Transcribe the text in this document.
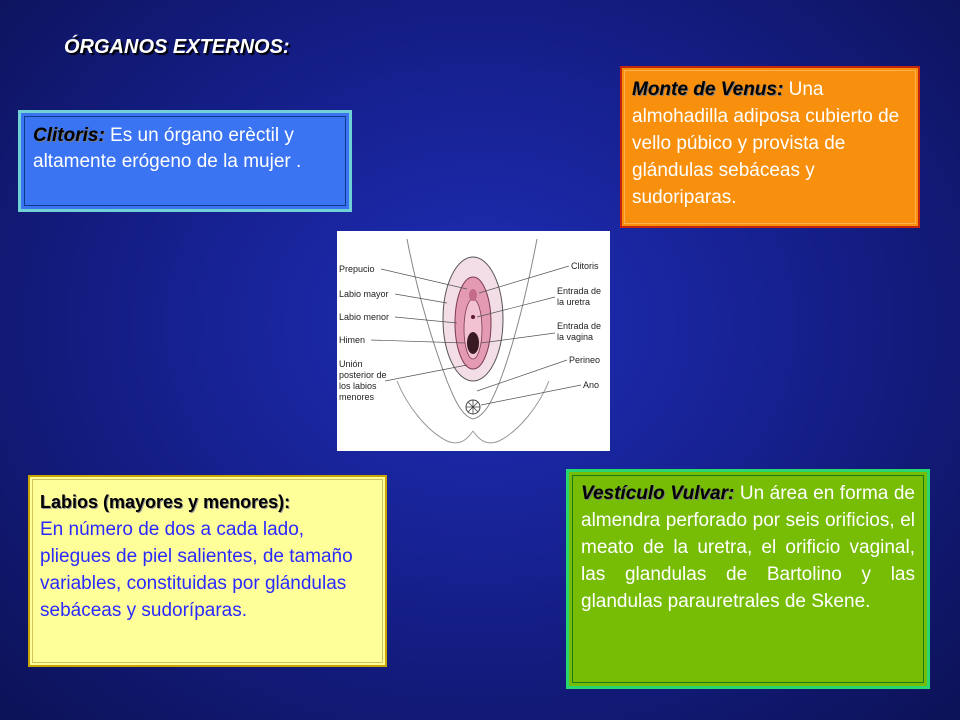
ÓRGANOS EXTERNOS:
Clitoris: Es un órgano erèctil y altamente erógeno de la mujer .
Monte de Venus: Una almohadilla adiposa cubierto de vello púbico y provista de glándulas sebáceas y sudoriparas.
Prepucio
Labio mayor
Labio menor
Himen
Unión
posterior de
los labios
menores
Clitoris
Entrada de
la uretra
Entrada de
la vagina
Perineo
Ano
Labios (mayores y menores):
En número de dos a cada lado, pliegues de piel salientes, de tamaño variables, constituidas por glándulas sebáceas y sudoríparas.
Vestículo Vulvar: Un área en forma de almendra perforado por seis orificios, el meato de la uretra, el orificio vaginal, las glandulas de Bartolino y las glandulas parauretrales de Skene.
